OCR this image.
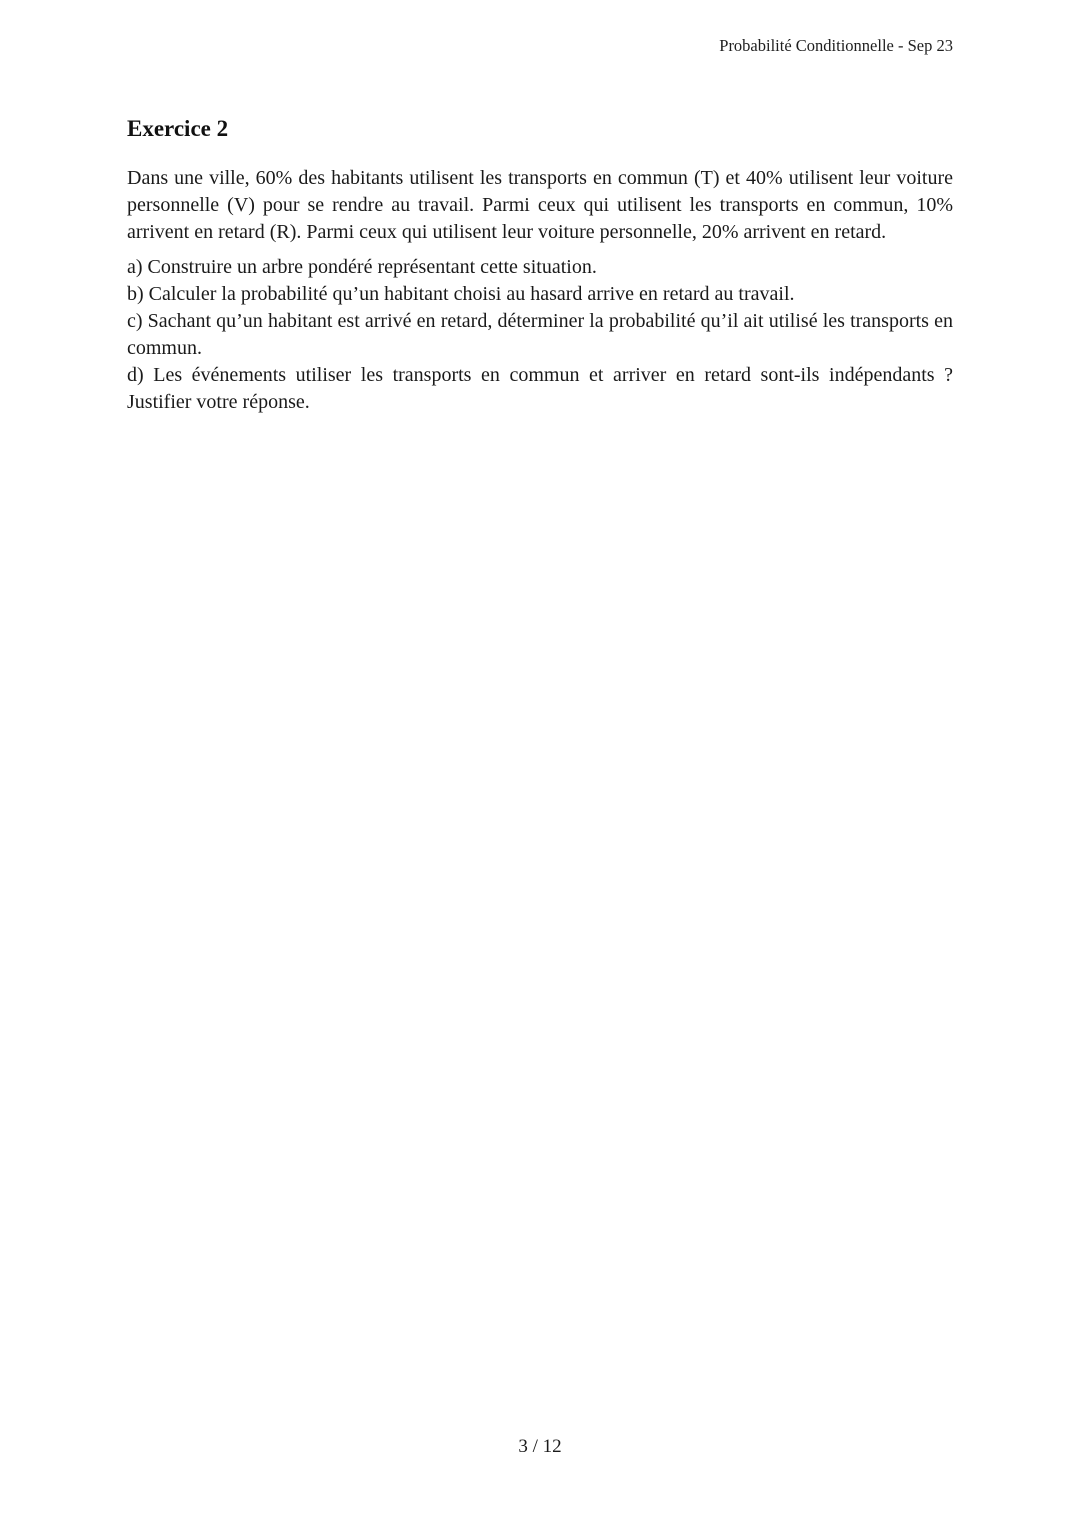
Probabilité Conditionnelle - Sep 23
Exercice 2

Dans une ville, 60% des habitants utilisent les transports en commun (T) et 40% utilisent leur voiture personnelle (V) pour se rendre au travail. Parmi ceux qui utilisent les transports en commun, 10% arrivent en retard (R). Parmi ceux qui utilisent leur voiture personnelle, 20% arrivent en retard.

a) Construire un arbre pondéré représentant cette situation.

b) Calculer la probabilité qu’un habitant choisi au hasard arrive en retard au travail.

c) Sachant qu’un habitant est arrivé en retard, déterminer la probabilité qu’il ait utilisé les transports en commun.

d) Les événements utiliser les transports en commun et arriver en retard sont-ils indépendants ? Justifier votre réponse.

3 / 12
